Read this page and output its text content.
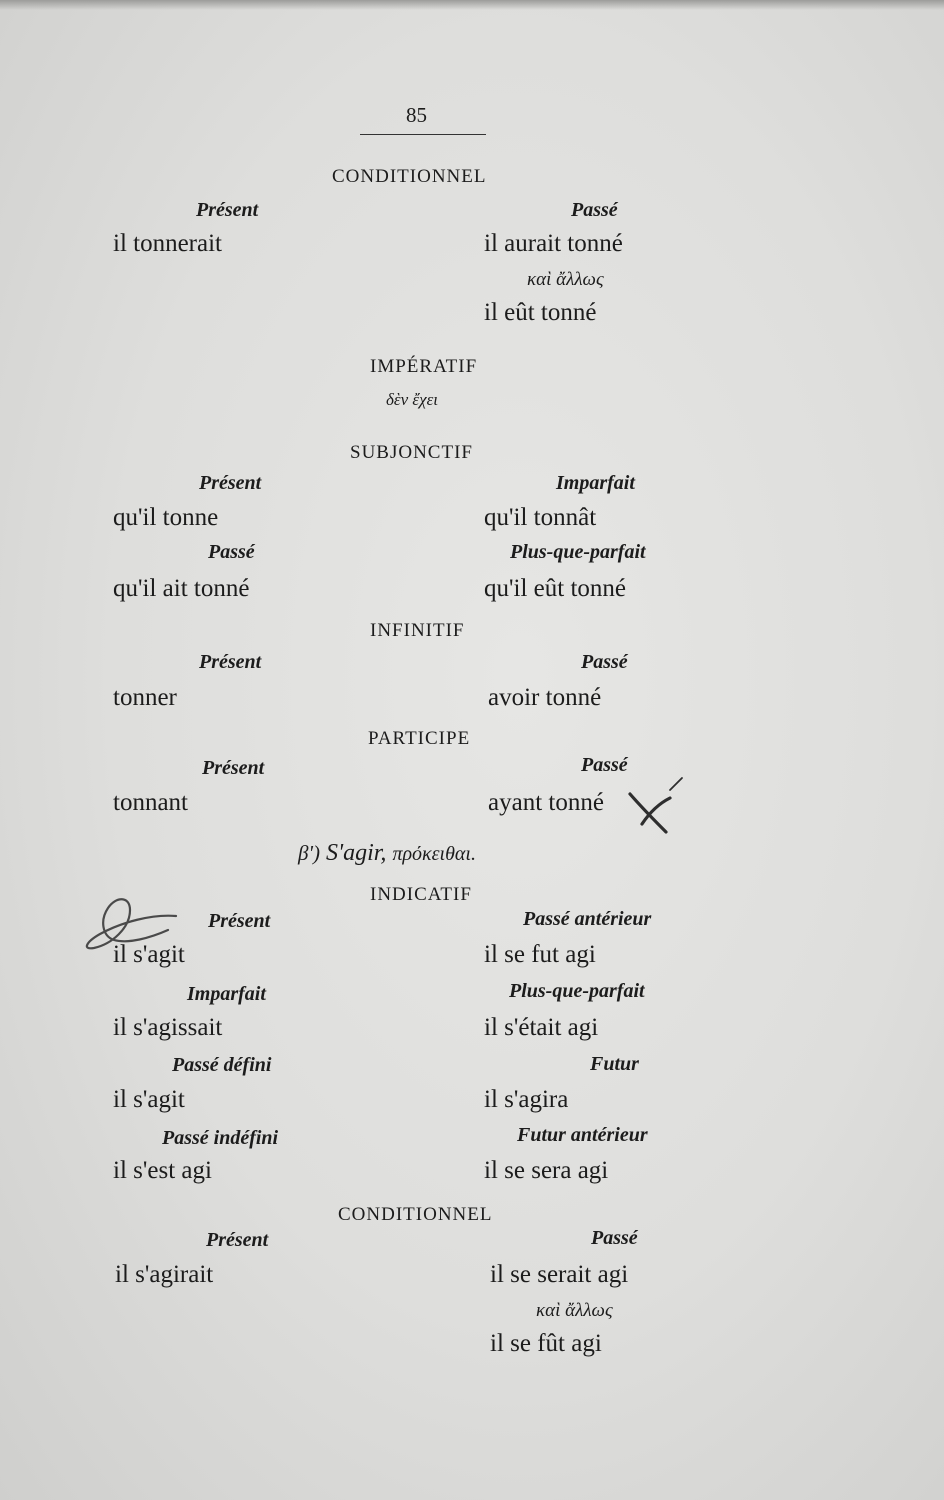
85
CONDITIONNEL
Présent	Passé
il tonnerait	il aurait tonné
καὶ ἄλλως
il eût tonné
IMPÉRATIF
δὲν ἔχει
SUBJONCTIF
Présent	Imparfait
qu'il tonne	qu'il tonnât
Passé	Plus-que-parfait
qu'il ait tonné	qu'il eût tonné
INFINITIF
Présent	Passé
tonner	avoir tonné
PARTICIPE
Présent	Passé
tonnant	ayant tonné
β') S'agir, πρόκειθαι.
INDICATIF
Présent	Passé antérieur
il s'agit	il se fut agi
Imparfait	Plus-que-parfait
il s'agissait	il s'était agi
Passé défini	Futur
il s'agit	il s'agira
Passé indéfini	Futur antérieur
il s'est agi	il se sera agi
CONDITIONNEL
Présent	Passé
il s'agirait	il se serait agi
καὶ ἄλλως
il se fût agi
